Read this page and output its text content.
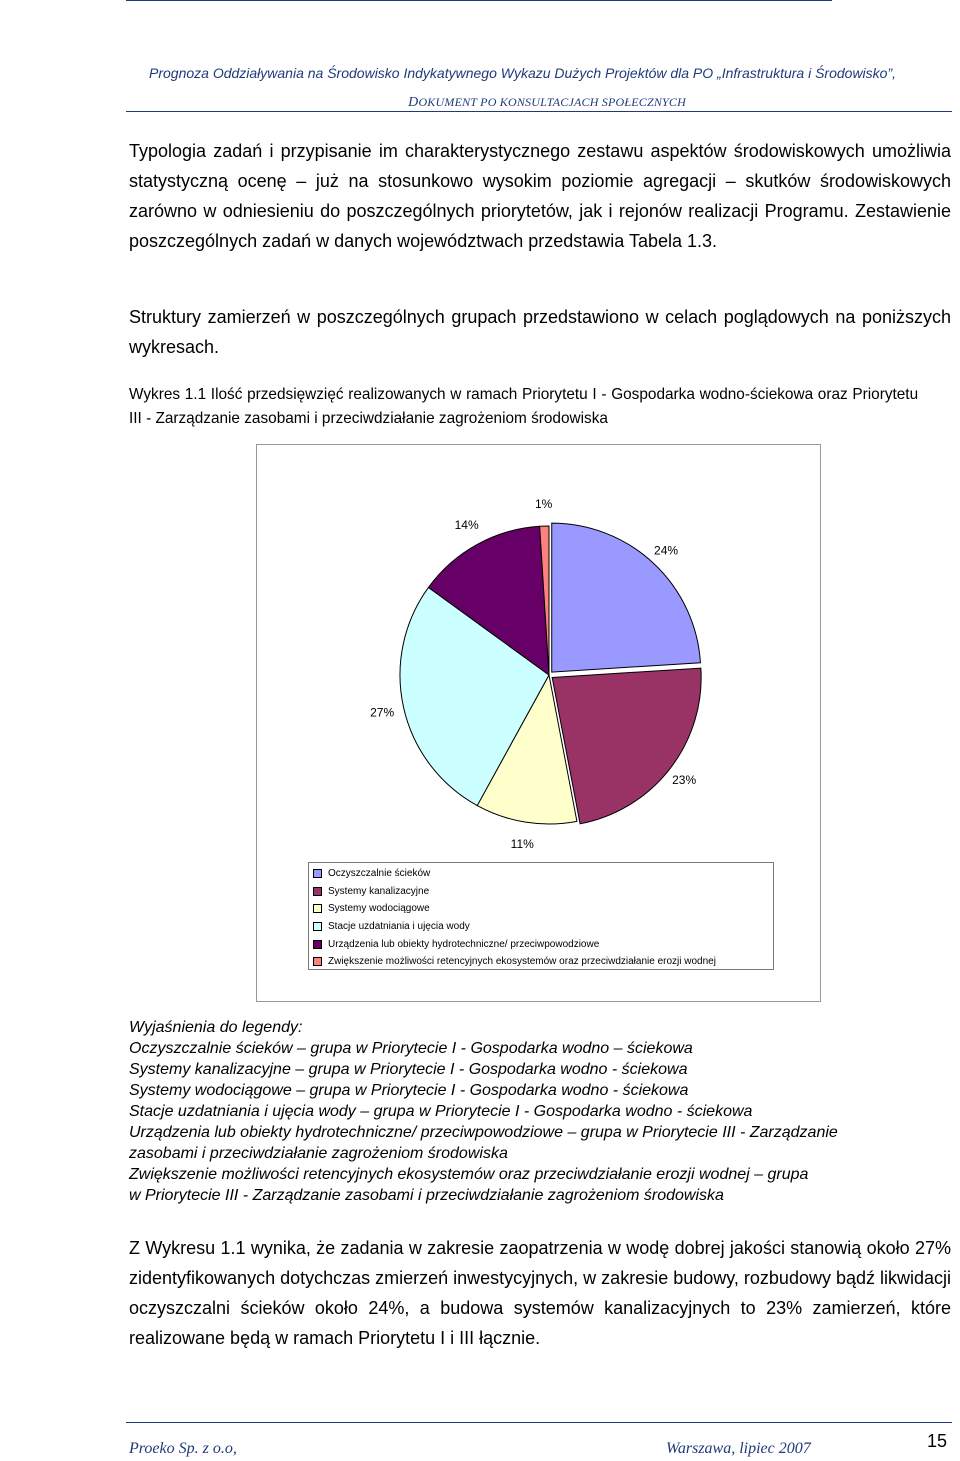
Prognoza Oddziaływania na Środowisko Indykatywnego Wykazu Dużych Projektów dla PO „Infrastruktura i Środowisko”,
DOKUMENT PO KONSULTACJACH SPOŁECZNYCH
Typologia zadań i przypisanie im charakterystycznego zestawu aspektów środowiskowych umożliwia statystyczną ocenę – już na stosunkowo wysokim poziomie agregacji – skutków środowiskowych zarówno w odniesieniu do poszczególnych priorytetów, jak i rejonów realizacji Programu. Zestawienie poszczególnych zadań w danych województwach przedstawia Tabela 1.3.
Struktury zamierzeń w poszczególnych grupach przedstawiono w celach poglądowych na poniższych wykresach.
Wykres 1.1 Ilość przedsięwzięć realizowanych w ramach Priorytetu I - Gospodarka wodno-ściekowa oraz Priorytetu III - Zarządzanie zasobami i przeciwdziałanie zagrożeniom środowiska
24%
23%
11%
27%
14%
1%
Oczyszczalnie ścieków
Systemy kanalizacyjne
Systemy wodociągowe
Stacje uzdatniania i ujęcia wody
Urządzenia lub obiekty hydrotechniczne/ przeciwpowodziowe
Zwiększenie możliwości retencyjnych ekosystemów oraz przeciwdziałanie erozji wodnej
Wyjaśnienia do legendy:
Oczyszczalnie ścieków – grupa w Priorytecie I - Gospodarka wodno – ściekowa
Systemy kanalizacyjne – grupa w Priorytecie I - Gospodarka wodno - ściekowa
Systemy wodociągowe – grupa w Priorytecie I - Gospodarka wodno - ściekowa
Stacje uzdatniania i ujęcia wody – grupa w Priorytecie I - Gospodarka wodno - ściekowa
Urządzenia lub obiekty hydrotechniczne/ przeciwpowodziowe – grupa w Priorytecie III - Zarządzanie
zasobami i przeciwdziałanie zagrożeniom środowiska
Zwiększenie możliwości retencyjnych ekosystemów oraz przeciwdziałanie erozji wodnej – grupa
w Priorytecie III - Zarządzanie zasobami i przeciwdziałanie zagrożeniom środowiska
Z Wykresu 1.1 wynika, że zadania w zakresie zaopatrzenia w wodę dobrej jakości stanowią około 27% zidentyfikowanych dotychczas zmierzeń inwestycyjnych, w zakresie budowy, rozbudowy bądź likwidacji oczyszczalni ścieków około 24%, a budowa systemów kanalizacyjnych to 23% zamierzeń, które realizowane będą w ramach Priorytetu I i III łącznie.
Proeko Sp. z o.o,	Warszawa, lipiec 2007	15
